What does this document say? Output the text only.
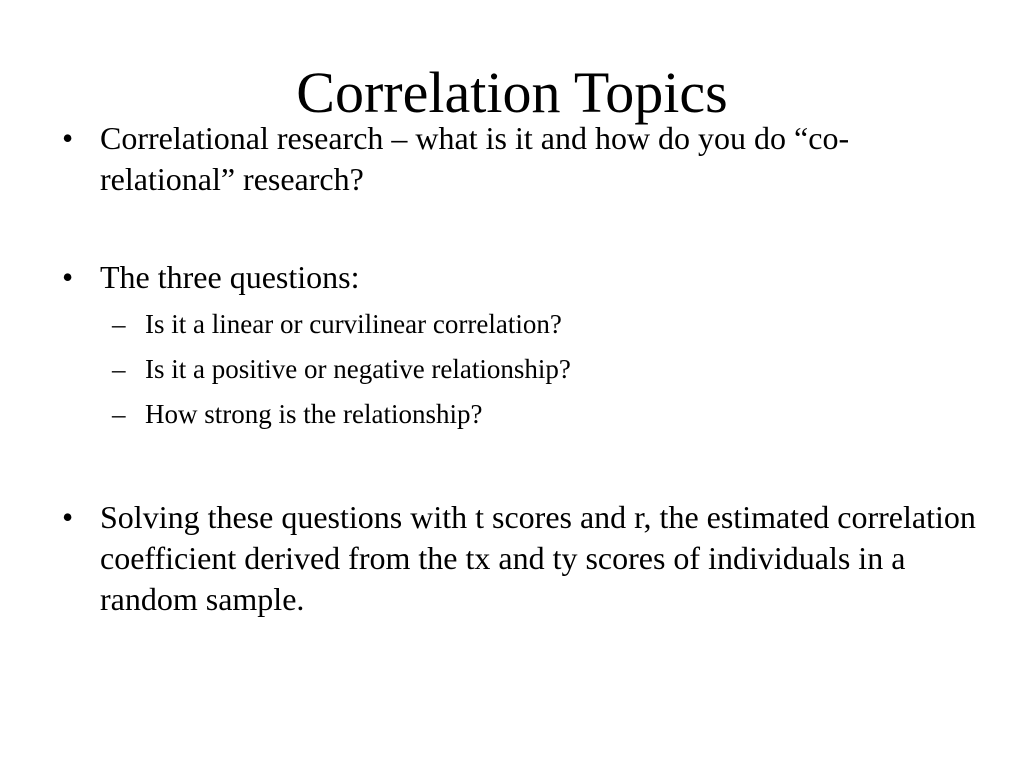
Correlation Topics
• Correlational research – what is it and how do you do “co-relational” research?
• The three questions:
– Is it a linear or curvilinear correlation?
– Is it a positive or negative relationship?
– How strong is the relationship?
• Solving these questions with t scores and r, the estimated correlation coefficient derived from the tx and ty scores of individuals in a random sample.
